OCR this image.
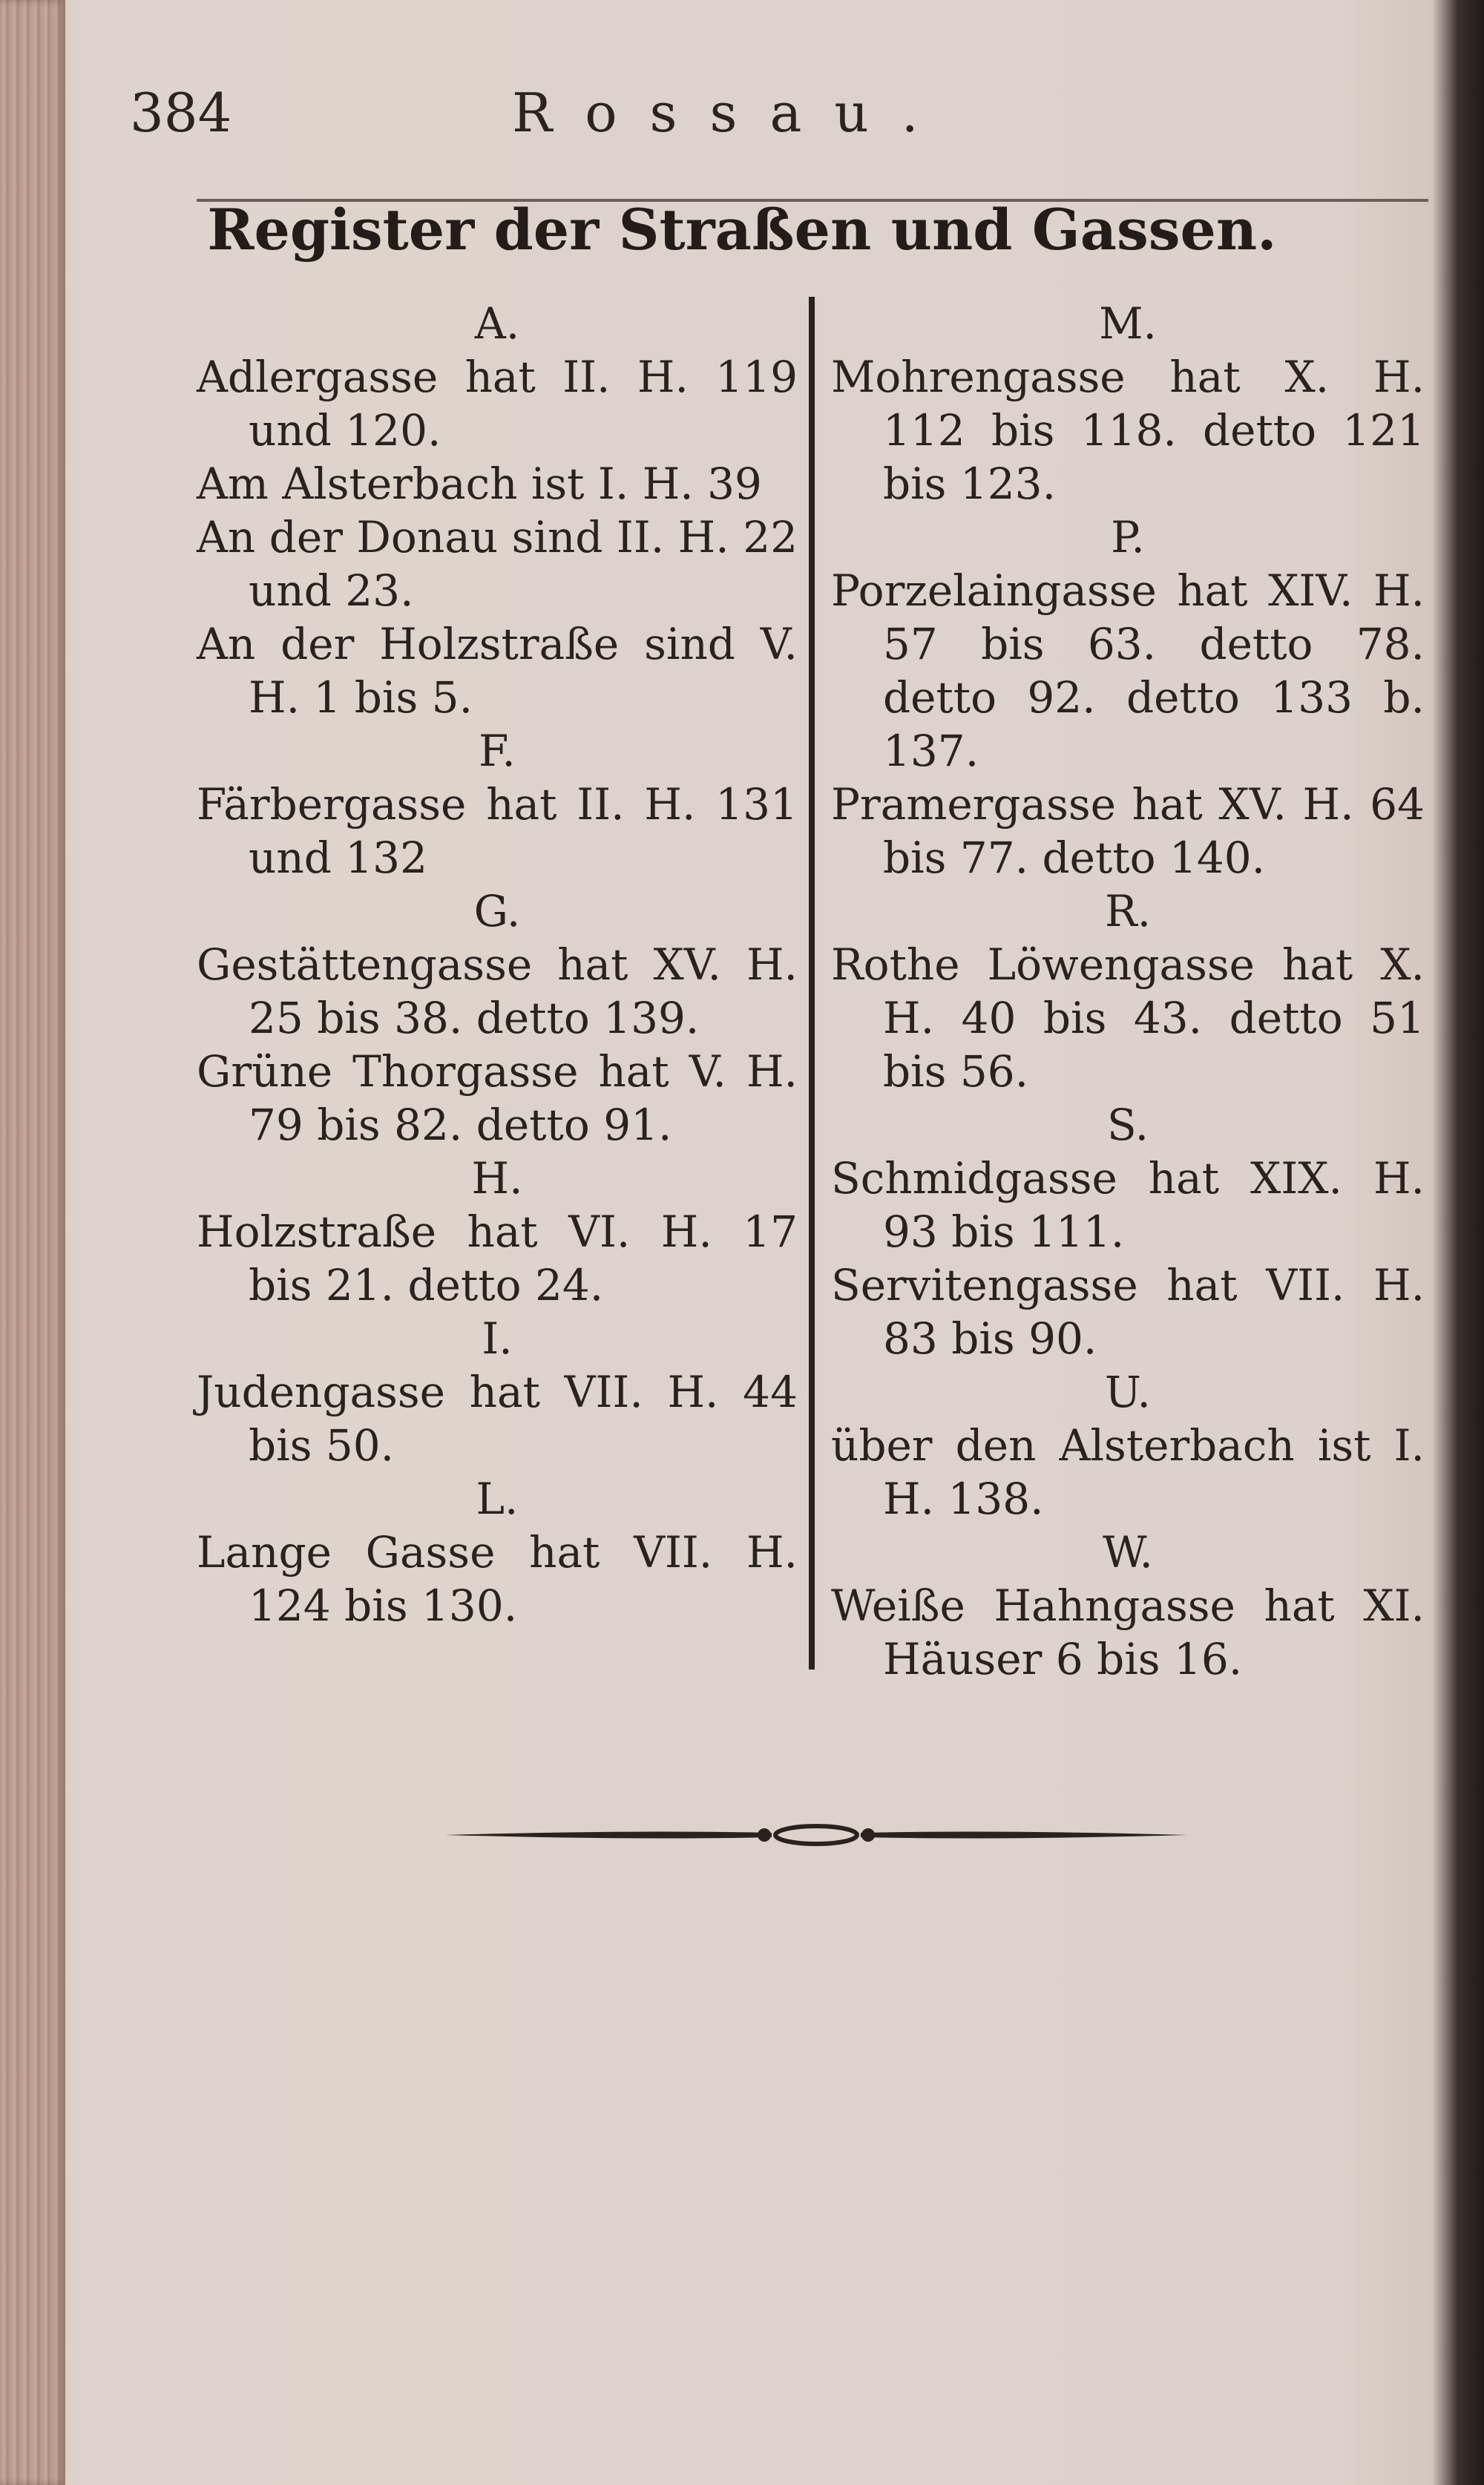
384	Rossau.
Register der Straßen und Gassen.

A.

Adlergasse hat II. H. 119 und 120.

Am Alsterbach ist I. H. 39

An der Donau sind II. H. 22 und 23.

An der Holzstraße sind V. H. 1 bis 5.

F.

Färbergasse hat II. H. 131 und 132

G.

Gestättengasse hat XV. H. 25 bis 38. detto 139.

Grüne Thorgasse hat V. H. 79 bis 82. detto 91.

H.

Holzstraße hat VI. H. 17 bis 21. detto 24.

I.

Judengasse hat VII. H. 44 bis 50.

L.

Lange Gasse hat VII. H. 124 bis 130.

M.

Mohrengasse hat X. H. 112 bis 118. detto 121 bis 123.

P.

Porzelaingasse hat XIV. H. 57 bis 63. detto 78. detto 92. detto 133 b. 137.

Pramergasse hat XV. H. 64 bis 77. detto 140.

R.

Rothe Löwengasse hat X. H. 40 bis 43. detto 51 bis 56.

S.

Schmidgasse hat XIX. H. 93 bis 111.

Servitengasse hat VII. H. 83 bis 90.

U.

über den Alsterbach ist I. H. 138.

W.

Weiße Hahngasse hat XI. Häuser 6 bis 16.
